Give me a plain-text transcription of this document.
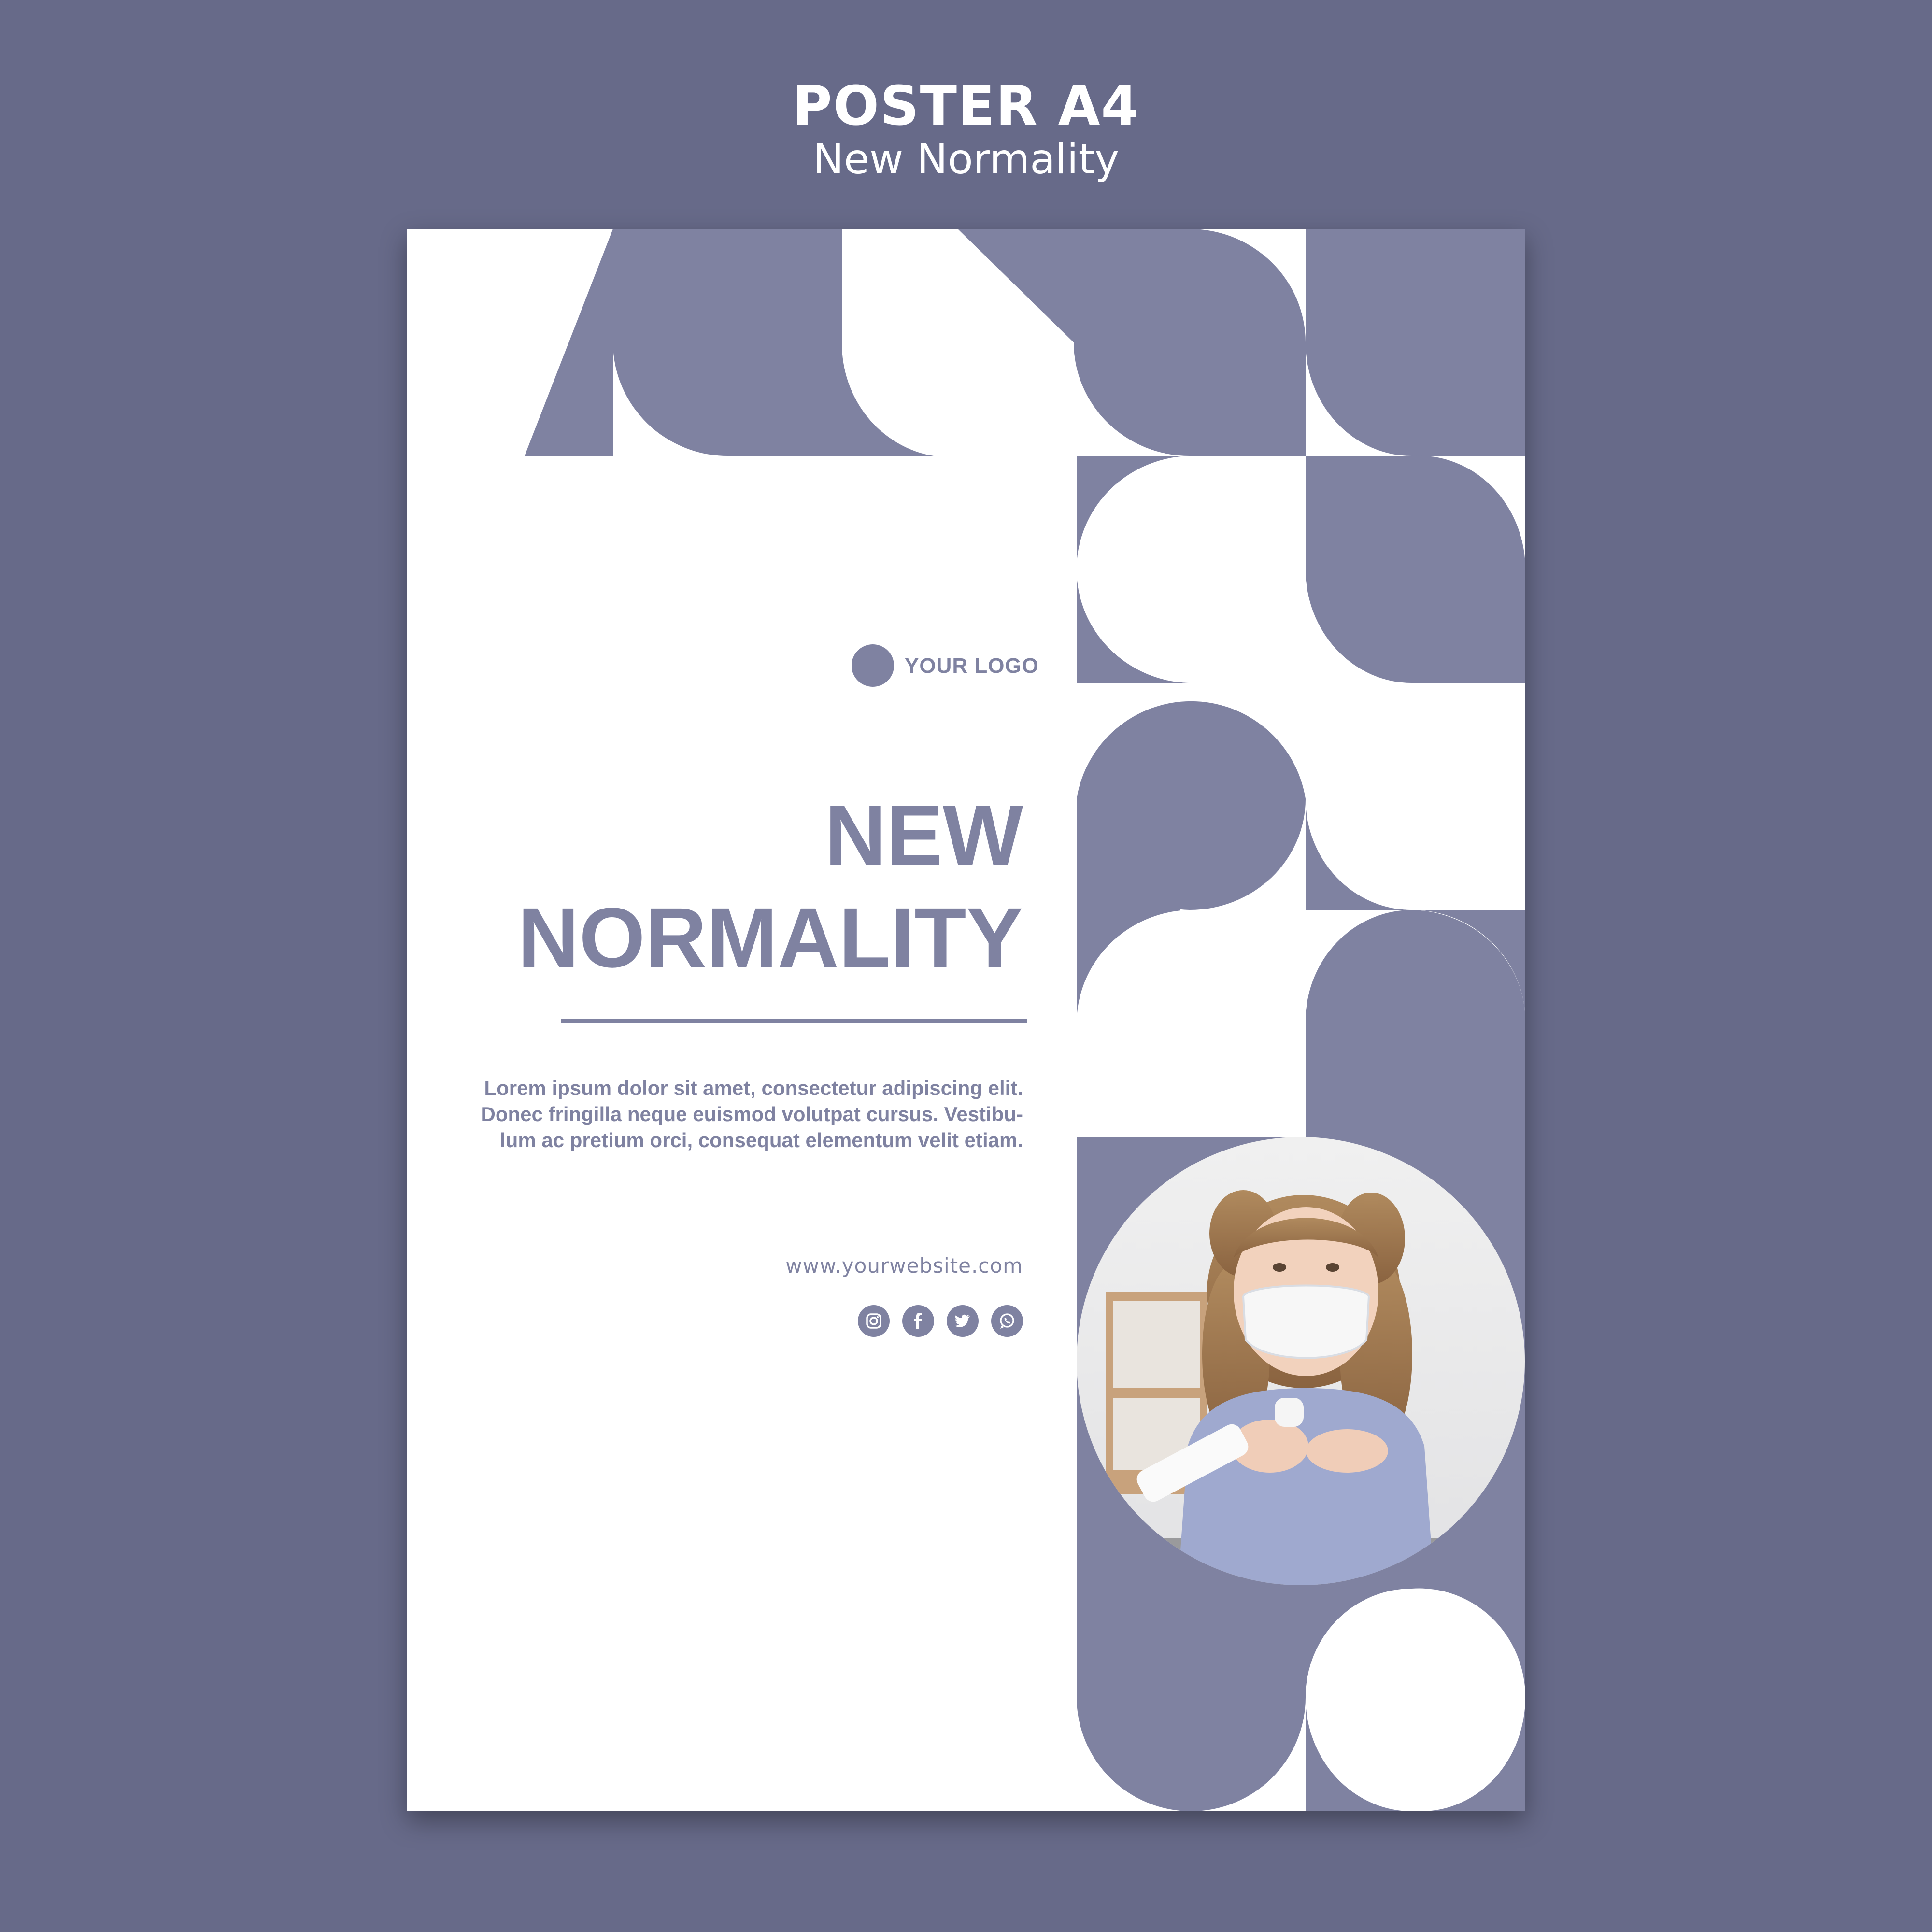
POSTER A4
New Normality
YOUR LOGO
NEW
NORMALITY
Lorem ipsum dolor sit amet, consectetur adipiscing elit.
Donec fringilla neque euismod volutpat cursus. Vestibu-
lum ac pretium orci, consequat elementum velit etiam.
www.yourwebsite.com
